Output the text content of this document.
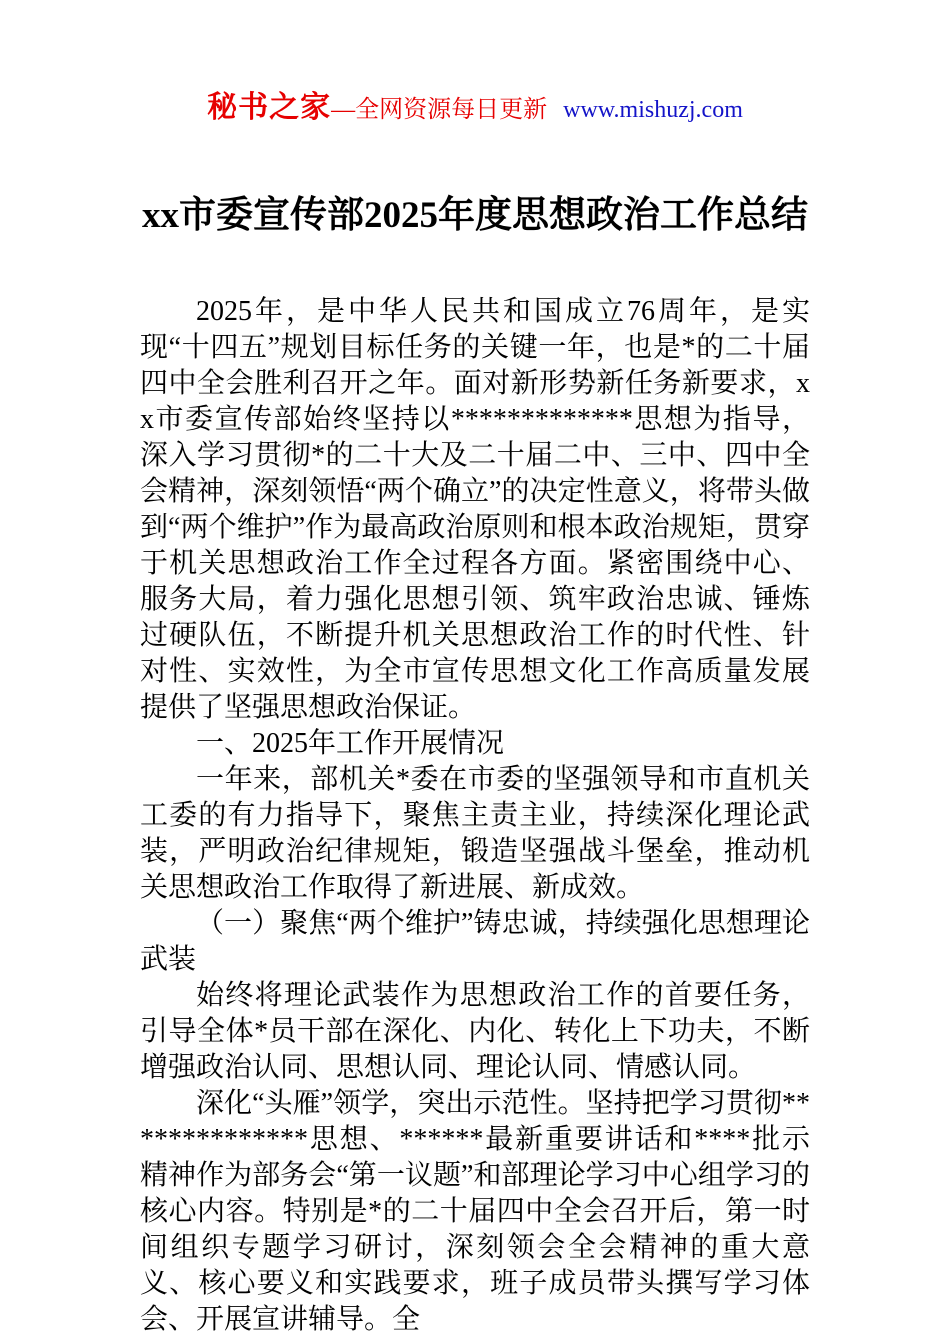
秘书之家—全网资源每日更新 www.mishuzj.com
xx市委宣传部2025年度思想政治工作总结

2025年，是中华人民共和国成立76周年，是实现“十四五”规划目标任务的关键一年，也是*的二十届四中全会胜利召开之年。面对新形势新任务新要求，xx市委宣传部始终坚持以*************思想为指导，深入学习贯彻*的二十大及二十届二中、三中、四中全会精神，深刻领悟“两个确立”的决定性意义，将带头做到“两个维护”作为最高政治原则和根本政治规矩，贯穿于机关思想政治工作全过程各方面。紧密围绕中心、服务大局，着力强化思想引领、筑牢政治忠诚、锤炼过硬队伍，不断提升机关思想政治工作的时代性、针对性、实效性，为全市宣传思想文化工作高质量发展提供了坚强思想政治保证。

一、2025年工作开展情况

一年来，部机关*委在市委的坚强领导和市直机关工委的有力指导下，聚焦主责主业，持续深化理论武装，严明政治纪律规矩，锻造坚强战斗堡垒，推动机关思想政治工作取得了新进展、新成效。

（一）聚焦“两个维护”铸忠诚，持续强化思想理论武装

始终将理论武装作为思想政治工作的首要任务，引导全体*员干部在深化、内化、转化上下功夫，不断增强政治认同、思想认同、理论认同、情感认同。

深化“头雁”领学，突出示范性。坚持把学习贯彻**************思想、******最新重要讲话和****批示精神作为部务会“第一议题”和部理论学习中心组学习的核心内容。特别是*的二十届四中全会召开后，第一时间组织专题学习研讨，深刻领会全会精神的重大意义、核心要义和实践要求，班子成员带头撰写学习体会、开展宣讲辅导。全
